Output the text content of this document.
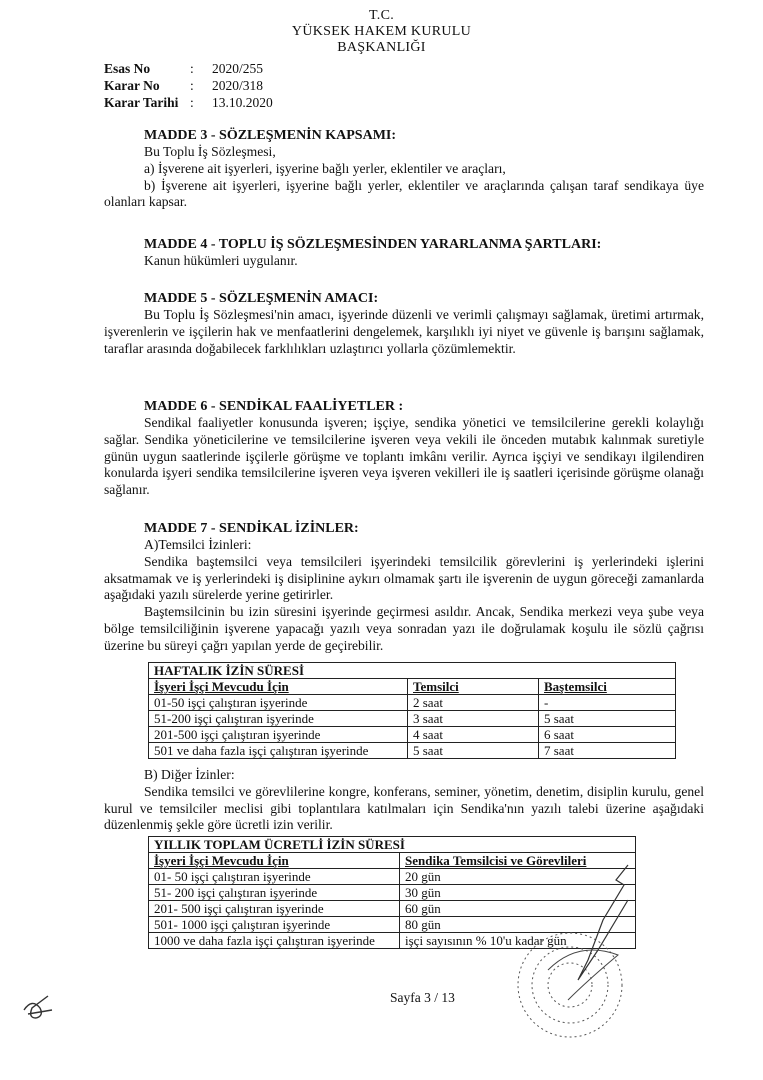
T.C.
YÜKSEK HAKEM KURULU
BAŞKANLIĞI
Esas No	:	2020/255
Karar No	:	2020/318
Karar Tarihi :	13.10.2020
MADDE 3 - SÖZLEŞMENİN KAPSAMI:
Bu Toplu İş Sözleşmesi,
a) İşverene ait işyerleri, işyerine bağlı yerler, eklentiler ve araçları,
b) İşverene ait işyerleri, işyerine bağlı yerler, eklentiler ve araçlarında çalışan taraf sendikaya üye olanları kapsar.
MADDE 4 - TOPLU İŞ SÖZLEŞMESİNDEN YARARLANMA ŞARTLARI:
Kanun hükümleri uygulanır.
MADDE 5 - SÖZLEŞMENİN AMACI:
Bu Toplu İş Sözleşmesi'nin amacı, işyerinde düzenli ve verimli çalışmayı sağlamak, üretimi artırmak, işverenlerin ve işçilerin hak ve menfaatlerini dengelemek, karşılıklı iyi niyet ve güvenle iş barışını sağlamak, taraflar arasında doğabilecek farklılıkları uzlaştırıcı yollarla çözümlemektir.
MADDE 6 - SENDİKAL FAALİYETLER :
Sendikal faaliyetler konusunda işveren; işçiye, sendika yönetici ve temsilcilerine gerekli kolaylığı sağlar. Sendika yöneticilerine ve temsilcilerine işveren veya vekili ile önceden mutabık kalınmak suretiyle günün uygun saatlerinde işçilerle görüşme ve toplantı imkânı verilir. Ayrıca işçiyi ve sendikayı ilgilendiren konularda işyeri sendika temsilcilerine işveren veya işveren vekilleri ile iş saatleri içerisinde görüşme olanağı sağlanır.
MADDE 7 - SENDİKAL İZİNLER:
A)Temsilci İzinleri:
Sendika baştemsilci veya temsilcileri işyerindeki temsilcilik görevlerini iş yerlerindeki işlerini aksatmamak ve iş yerlerindeki iş disiplinine aykırı olmamak şartı ile işverenin de uygun göreceği zamanlarda aşağıdaki yazılı sürelerde yerine getirirler.
Baştemsilcinin bu izin süresini işyerinde geçirmesi asıldır. Ancak, Sendika merkezi veya şube veya bölge temsilciliğinin işverene yapacağı yazılı veya sonradan yazı ile doğrulamak koşulu ile sözlü çağrısı üzerine bu süreyi çağrı yapılan yerde de geçirebilir.
HAFTALIK İZİN SÜRESİ		
İşyeri İşçi Mevcudu İçin	Temsilci	Baştemsilci
01-50 işçi çalıştıran işyerinde	2 saat	-
51-200 işçi çalıştıran işyerinde	3 saat	5 saat
201-500 işçi çalıştıran işyerinde	4 saat	6 saat
501 ve daha fazla işçi çalıştıran işyerinde	5 saat	7 saat
B) Diğer İzinler:
Sendika temsilci ve görevlilerine kongre, konferans, seminer, yönetim, denetim, disiplin kurulu, genel kurul ve temsilciler meclisi gibi toplantılara katılmaları için Sendika'nın yazılı talebi üzerine aşağıdaki düzenlenmiş şekle göre ücretli izin verilir.
YILLIK TOPLAM ÜCRETLİ İZİN SÜRESİ	
İşyeri İşçi Mevcudu İçin	Sendika Temsilcisi ve Görevlileri
01- 50 işçi çalıştıran işyerinde	20 gün
51- 200 işçi çalıştıran işyerinde	30 gün
201- 500 işçi çalıştıran işyerinde	60 gün
501- 1000 işçi çalıştıran işyerinde	80 gün
1000 ve daha fazla işçi çalıştıran işyerinde	işçi sayısının % 10'u kadar gün
Sayfa 3 / 13
